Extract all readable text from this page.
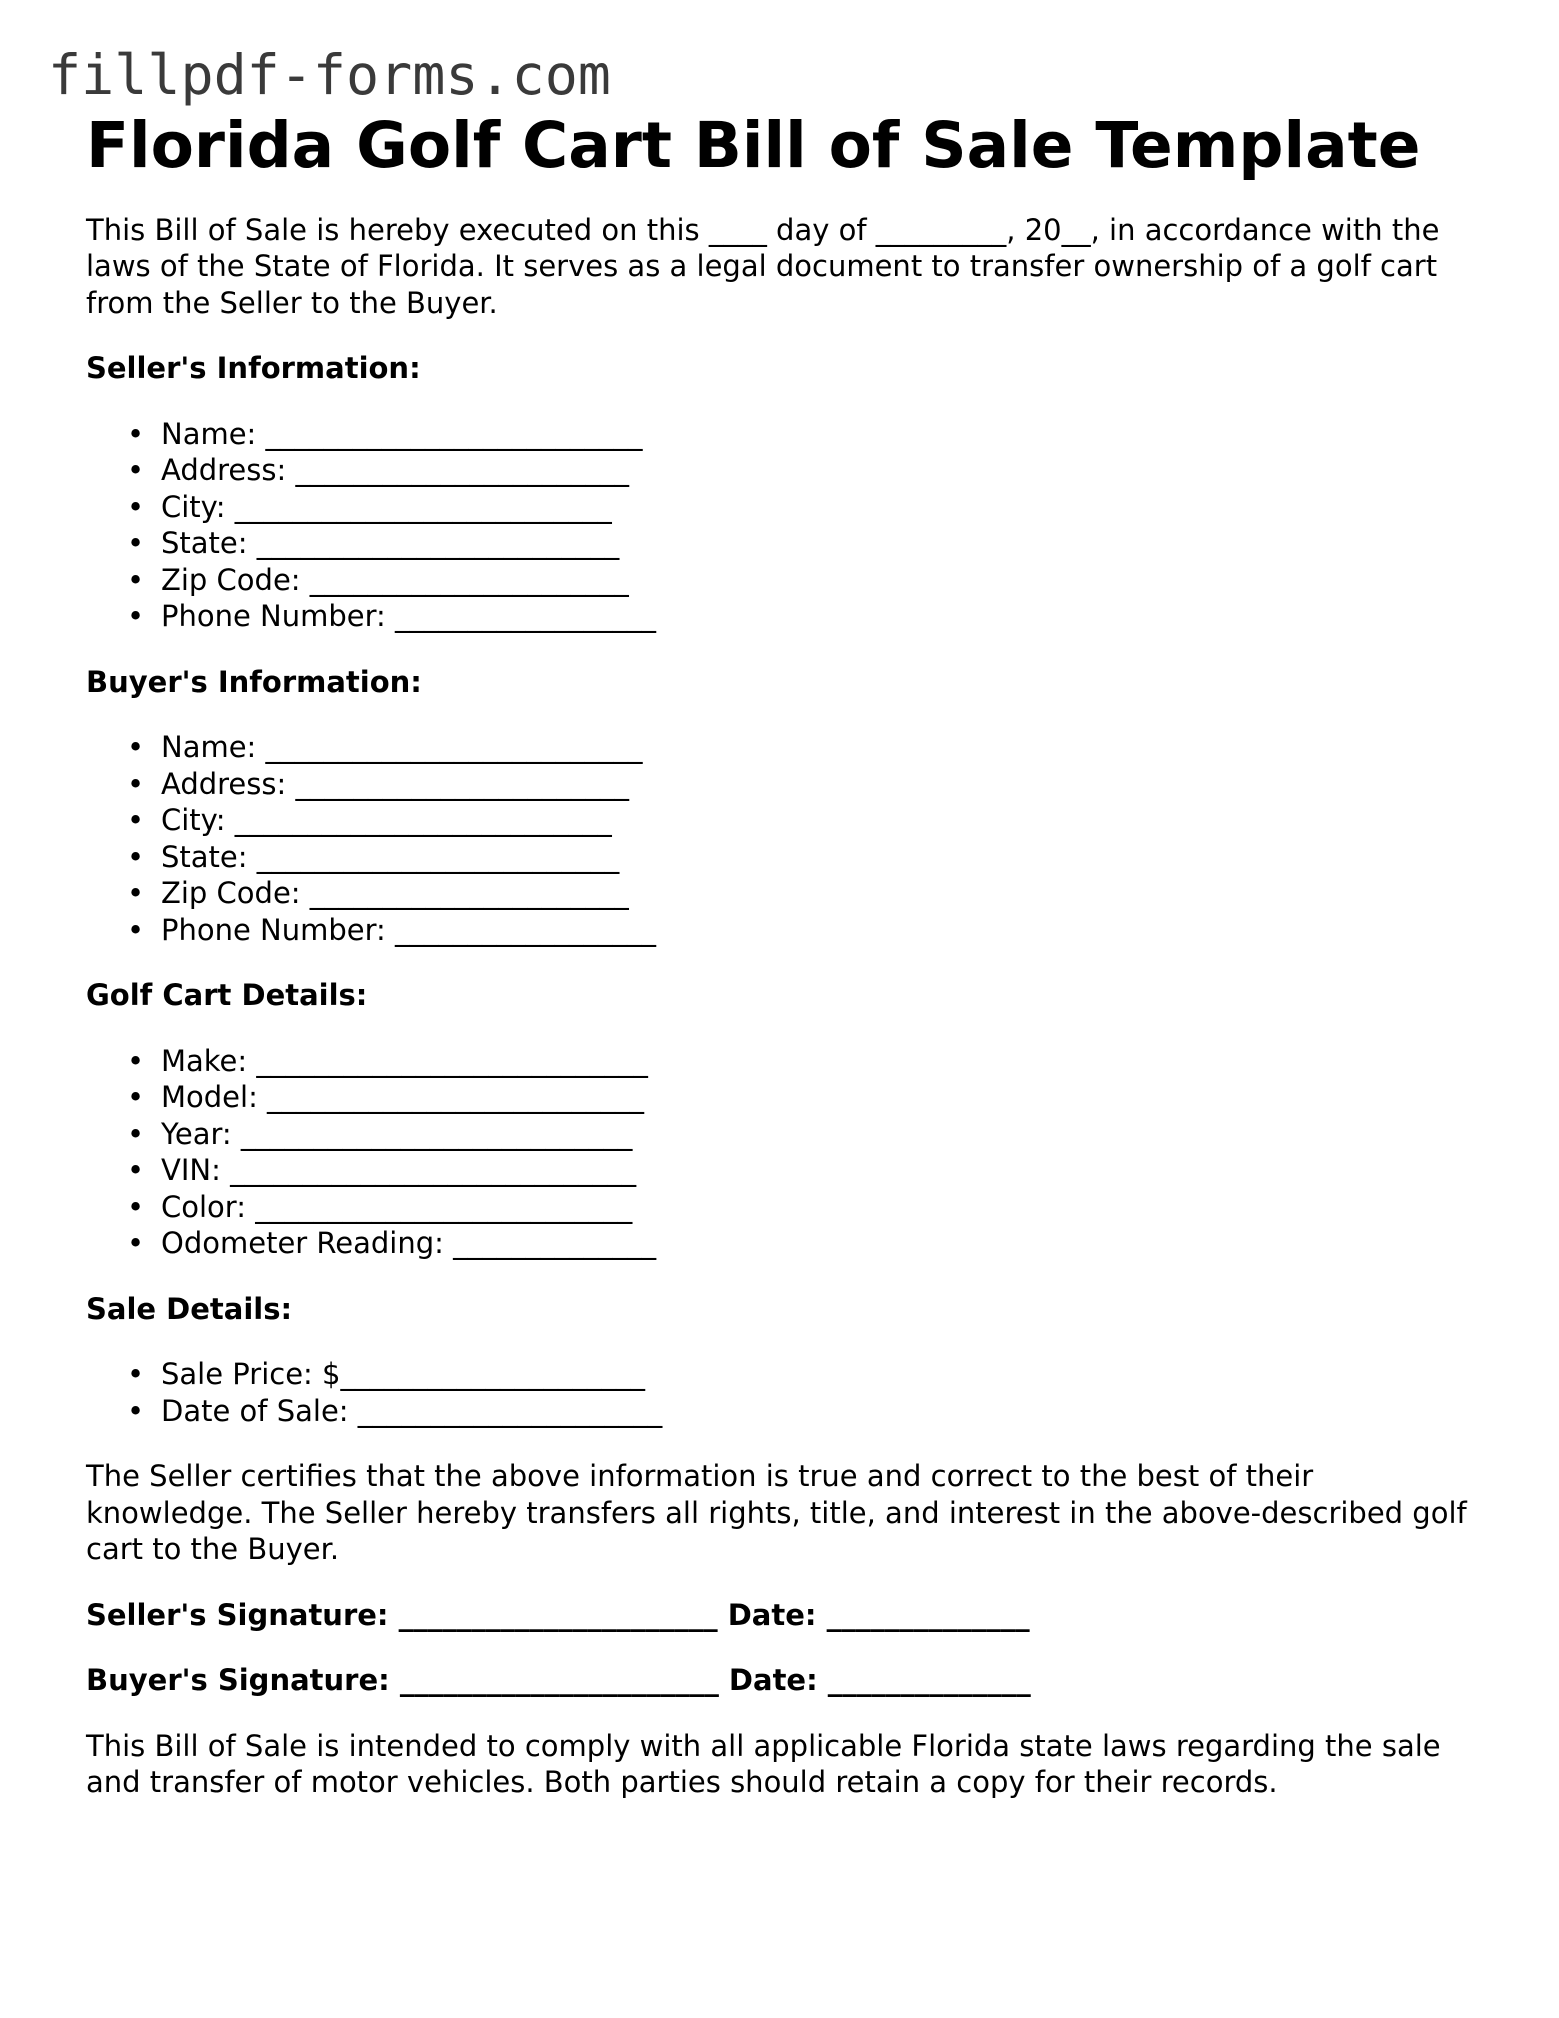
fillpdf-forms.com
Florida Golf Cart Bill of Sale Template

This Bill of Sale is hereby executed on this ____ day of _________, 20__, in accordance with the laws of the State of Florida. It serves as a legal document to transfer ownership of a golf cart from the Seller to the Buyer.

Seller's Information:
• Name: __________________________
• Address: _______________________
• City: __________________________
• State: _________________________
• Zip Code: ______________________
• Phone Number: __________________
Buyer's Information:
• Name: __________________________
• Address: _______________________
• City: __________________________
• State: _________________________
• Zip Code: ______________________
• Phone Number: __________________
Golf Cart Details:
• Make: ___________________________
• Model: __________________________
• Year: ___________________________
• VIN: ____________________________
• Color: __________________________
• Odometer Reading: ______________
Sale Details:
• Sale Price: $_____________________
• Date of Sale: _____________________

The Seller certifies that the above information is true and correct to the best of their knowledge. The Seller hereby transfers all rights, title, and interest in the above-described golf cart to the Buyer.

Seller's Signature: ______________________ Date: ______________
Buyer's Signature: ______________________ Date: ______________

This Bill of Sale is intended to comply with all applicable Florida state laws regarding the sale and transfer of motor vehicles. Both parties should retain a copy for their records.
